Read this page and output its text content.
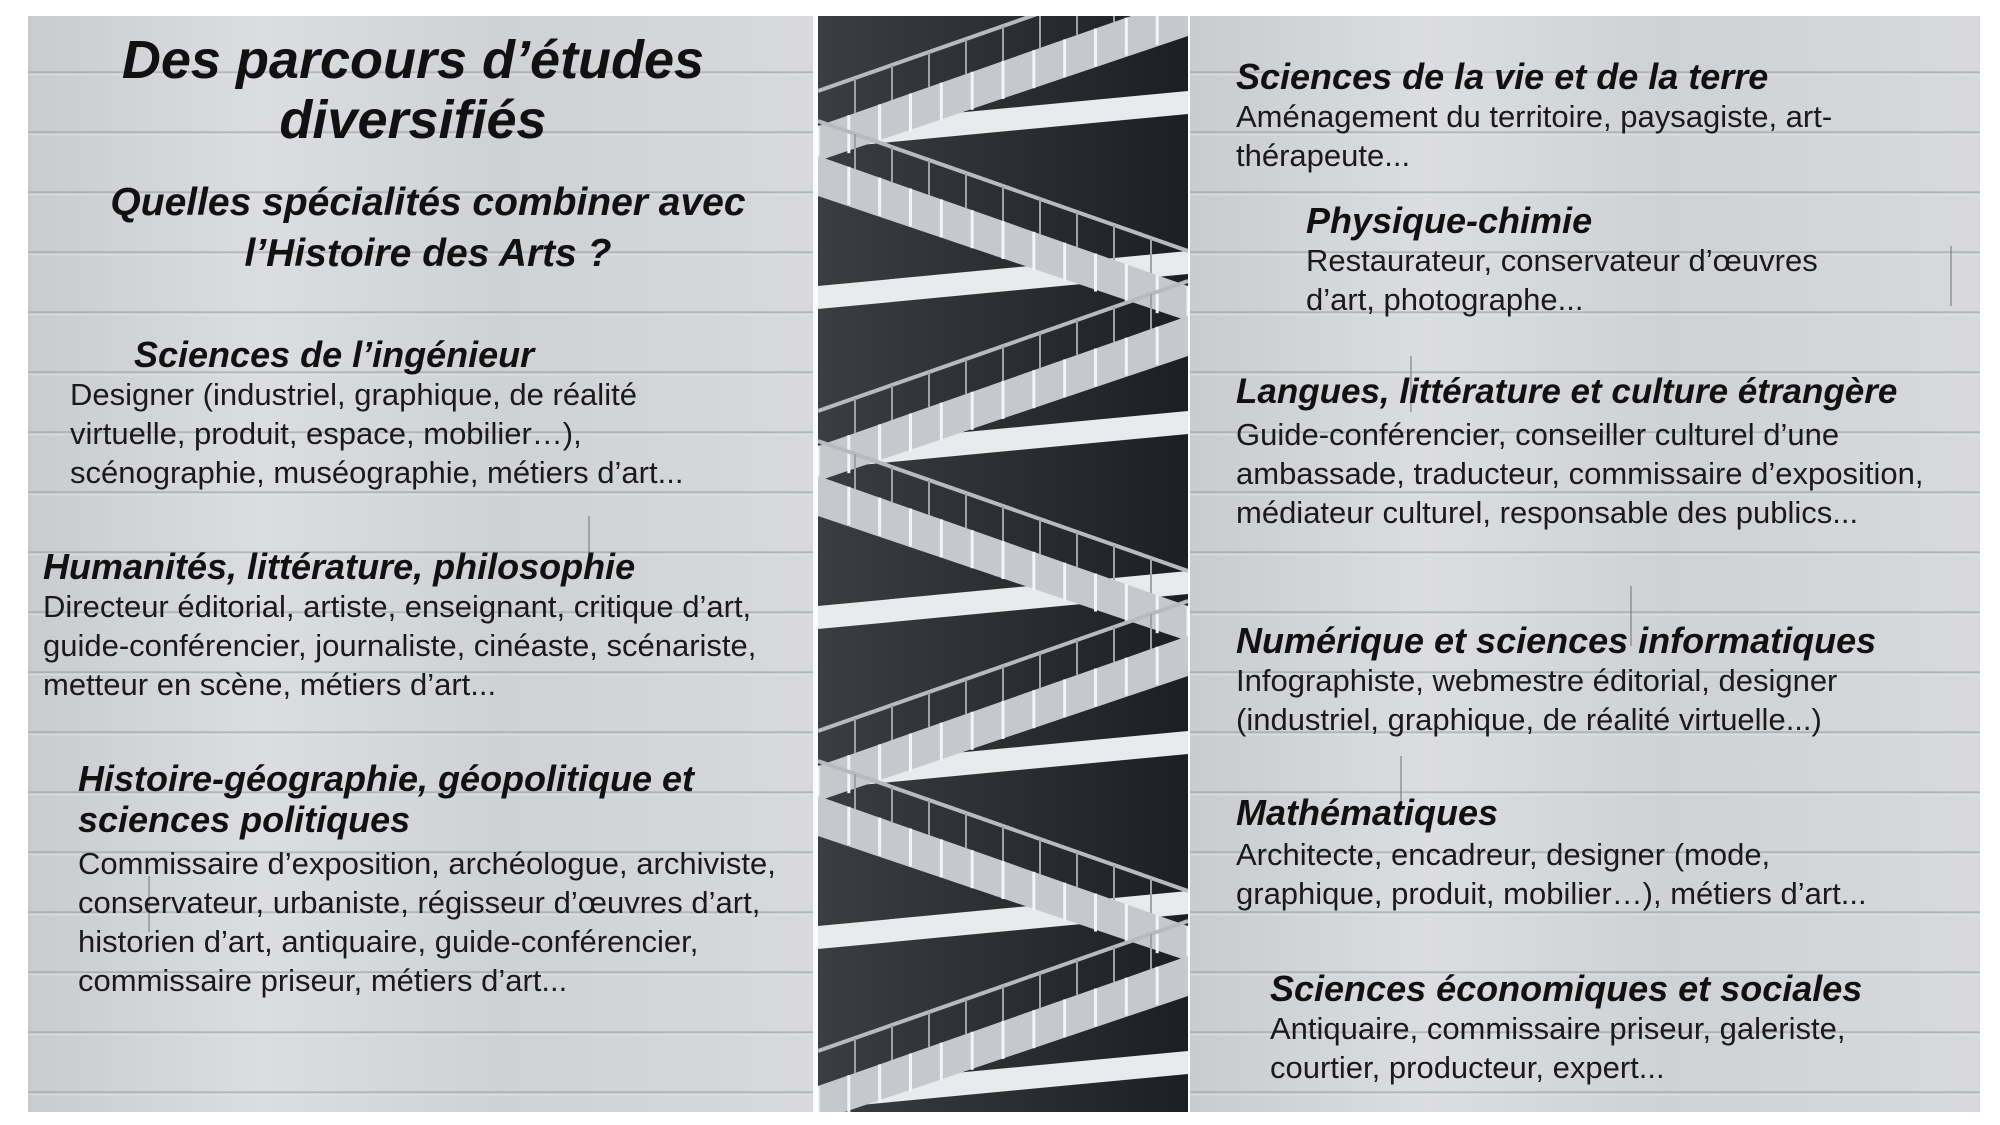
Des parcours d’études diversifiés
Quelles spécialités combiner avec l’Histoire des Arts ?
Sciences de l’ingénieur

Designer (industriel, graphique, de réalité virtuelle, produit, espace, mobilier…), scénographie, muséographie, métiers d’art...

Humanités, littérature, philosophie

Directeur éditorial, artiste, enseignant, critique d’art, guide-conférencier, journaliste, cinéaste, scénariste, metteur en scène, métiers d’art...

Histoire-géographie, géopolitique et sciences politiques

Commissaire d’exposition, archéologue, archiviste, conservateur, urbaniste, régisseur d’œuvres d’art, historien d’art, antiquaire, guide-conférencier, commissaire priseur, métiers d’art...

Sciences de la vie et de la terre

Aménagement du territoire, paysagiste, art-thérapeute...

Physique-chimie

Restaurateur, conservateur d’œuvres d’art, photographe...

Langues, littérature et culture étrangère

Guide-conférencier, conseiller culturel d’une ambassade, traducteur, commissaire d’exposition, médiateur culturel, responsable des publics...

Numérique et sciences informatiques

Infographiste, webmestre éditorial, designer (industriel, graphique, de réalité virtuelle...)

Mathématiques

Architecte, encadreur, designer (mode, graphique, produit, mobilier…), métiers d’art...

Sciences économiques et sociales

Antiquaire, commissaire priseur, galeriste, courtier, producteur, expert...
